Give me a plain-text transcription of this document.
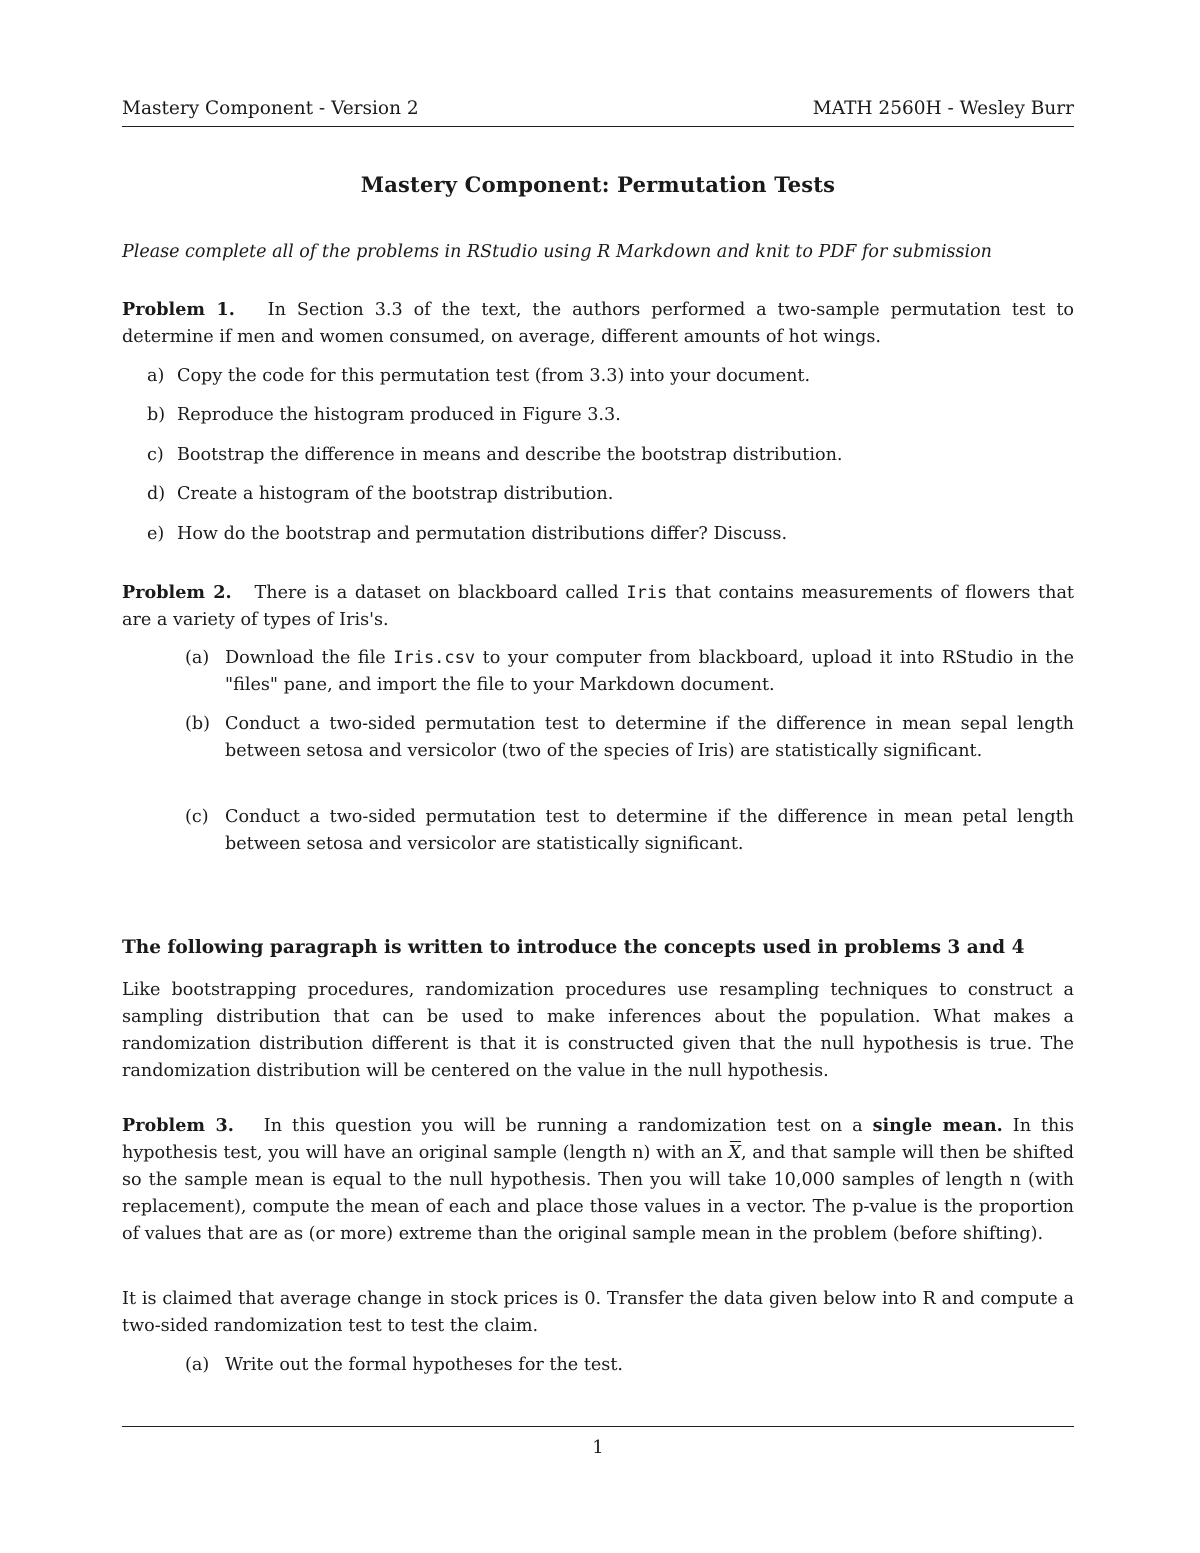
Mastery Component - Version 2	MATH 2560H - Wesley Burr
Mastery Component: Permutation Tests
Please complete all of the problems in RStudio using R Markdown and knit to PDF for submission
Problem 1. In Section 3.3 of the text, the authors performed a two-sample permutation test to determine if men and women consumed, on average, different amounts of hot wings.
a) Copy the code for this permutation test (from 3.3) into your document.
b) Reproduce the histogram produced in Figure 3.3.
c) Bootstrap the difference in means and describe the bootstrap distribution.
d) Create a histogram of the bootstrap distribution.
e) How do the bootstrap and permutation distributions differ? Discuss.
Problem 2. There is a dataset on blackboard called Iris that contains measurements of flowers that are a variety of types of Iris's.
(a) Download the file Iris.csv to your computer from blackboard, upload it into RStudio in the "files" pane, and import the file to your Markdown document.
(b) Conduct a two-sided permutation test to determine if the difference in mean sepal length between setosa and versicolor (two of the species of Iris) are statistically significant.
(c) Conduct a two-sided permutation test to determine if the difference in mean petal length between setosa and versicolor are statistically significant.
The following paragraph is written to introduce the concepts used in problems 3 and 4
Like bootstrapping procedures, randomization procedures use resampling techniques to construct a sampling distribution that can be used to make inferences about the population. What makes a randomization distribution different is that it is constructed given that the null hypothesis is true. The randomization distribution will be centered on the value in the null hypothesis.
Problem 3. In this question you will be running a randomization test on a single mean. In this hypothesis test, you will have an original sample (length n) with an X, and that sample will then be shifted so the sample mean is equal to the null hypothesis. Then you will take 10,000 samples of length n (with replacement), compute the mean of each and place those values in a vector. The p-value is the proportion of values that are as (or more) extreme than the original sample mean in the problem (before shifting).
It is claimed that average change in stock prices is 0. Transfer the data given below into R and compute a two-sided randomization test to test the claim.
(a) Write out the formal hypotheses for the test.
1
